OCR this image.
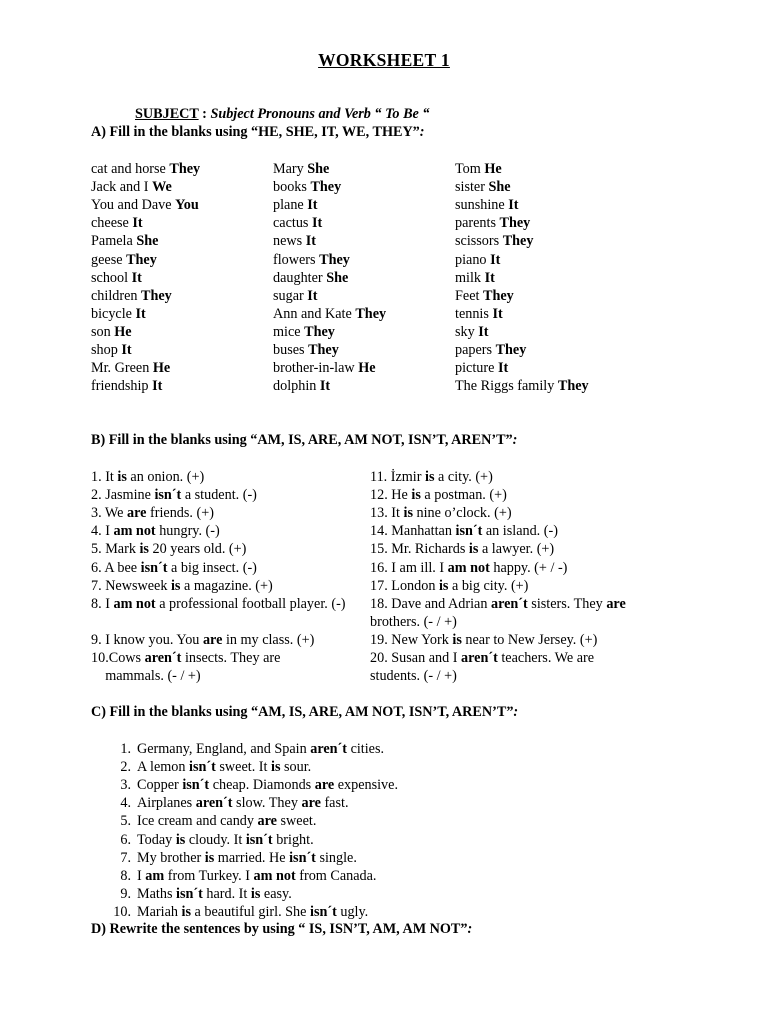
WORKSHEET 1
SUBJECT : Subject Pronouns and Verb “ To Be “
A) Fill in the blanks using “HE, SHE, IT, WE, THEY”:
cat and horse They
Jack and I We
You and Dave You
cheese It
Pamela She
geese They
school It
children They
bicycle It
son He
shop It
Mr. Green He
friendship It
Mary She
books They
plane It
cactus It
news It
flowers They
daughter She
sugar It
Ann and Kate They
mice They
buses They
brother-in-law He
dolphin It
Tom He
sister She
sunshine It
parents They
scissors They
piano It
milk It
Feet They
tennis It
sky It
papers They
picture It
The Riggs family They
B) Fill in the blanks using “AM, IS, ARE, AM NOT, ISN’T, AREN’T”:
1. It is an onion. (+)
2. Jasmine isn´t a student. (-)
3. We are friends. (+)
4. I am not hungry. (-)
5. Mark is 20 years old. (+)
6. A bee isn´t a big insect. (-)
7. Newsweek is a magazine. (+)
8. I am not a professional football player. (-)
9. I know you. You are in my class. (+)
10.Cows aren´t insects. They are
mammals. (- / +)
11. İzmir is a city. (+)
12. He is a postman. (+)
13. It is nine o’clock. (+)
14. Manhattan isn´t an island. (-)
15. Mr. Richards is a lawyer. (+)
16. I am ill. I am not happy. (+ / -)
17. London is a big city. (+)
18. Dave and Adrian aren´t sisters. They are
brothers. (- / +)
19. New York is near to New Jersey. (+)
20. Susan and I aren´t teachers. We are
students. (- / +)
C) Fill in the blanks using “AM, IS, ARE, AM NOT, ISN’T, AREN’T”:
1. Germany, England, and Spain aren´t cities.
2. A lemon isn´t sweet. It is sour.
3. Copper isn´t cheap. Diamonds are expensive.
4. Airplanes aren´t slow. They are fast.
5. Ice cream and candy are sweet.
6. Today is cloudy. It isn´t bright.
7. My brother is married. He isn´t single.
8. I am from Turkey. I am not from Canada.
9. Maths isn´t hard. It is easy.
10. Mariah is a beautiful girl. She isn´t ugly.
D) Rewrite the sentences by using “ IS, ISN’T, AM, AM NOT”:
